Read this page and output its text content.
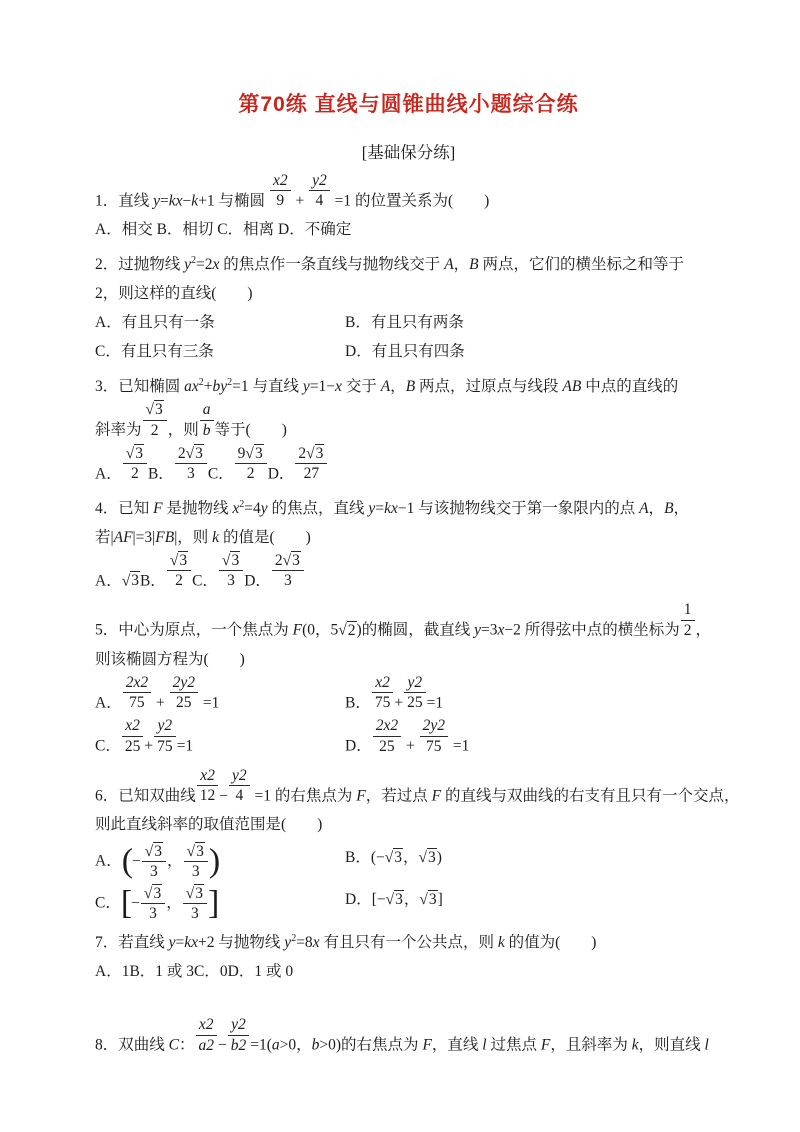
第70练 直线与圆锥曲线小题综合练
[基础保分练]
1．直线 y=kx−k+1 与椭圆 $\frac{x2}{9} + \frac{y2}{4} =1$ 的位置关系为(　　)
A．相交 B．相切 C．相离 D．不确定
2．过抛物线 $y^2=2x$ 的焦点作一条直线与抛物线交于 A，B 两点，它们的横坐标之和等于
2，则这样的直线(　　)
A．有且只有一条	B．有且只有两条
C．有且只有三条	D．有且只有四条
3．已知椭圆 $ax^2+by^2=1$ 与直线 y=1−x 交于 A，B 两点，过原点与线段 AB 中点的直线的
斜率为 $\frac{√3}{2}$ ，则 $\frac{a}{b}$ 等于(　　)
A． $\frac{√3}{2}$ B． $\frac{2√3}{3}$ C． $\frac{9√3}{2}$ D． $\frac{2√3}{27}$
4．已知 F 是抛物线 $x^2=4y$ 的焦点，直线 y=kx−1 与该抛物线交于第一象限内的点 A，B，
若|AF|=3|FB|，则 k 的值是(　　)
A．√3B． $\frac{√3}{2}$ C． $\frac{√3}{3}$ D． $\frac{2√3}{3}$
5．中心为原点，一个焦点为 F(0，5√2)的椭圆，截直线 y=3x−2 所得弦中点的横坐标为 $\frac{1}{2}$ ，
则该椭圆方程为(　　)
A． $\frac{2x2}{75} + \frac{2y2}{25} =1$	B． $\frac{x2}{75} + \frac{y2}{25} =1$
C． $\frac{x2}{25} + \frac{y2}{75} =1$	D． $\frac{2x2}{25} + \frac{2y2}{75} =1$
6．已知双曲线 $\frac{x2}{12} - \frac{y2}{4} =1$ 的右焦点为 F，若过点 F 的直线与双曲线的右支有且只有一个交点，
则此直线斜率的取值范围是(　　)
A．(− $\frac{√3}{3}$ ， $\frac{√3}{3}$ )	B．(−√3，√3)
C．[− $\frac{√3}{3}$ ， $\frac{√3}{3}$ ]	D．[−√3，√3]
7．若直线 y=kx+2 与抛物线 $y^2=8x$ 有且只有一个公共点，则 k 的值为(　　)
A．1B．1 或 3C．0D．1 或 0
8．双曲线 C： $\frac{x2}{a2} - \frac{y2}{b2} =1(a>0$，b>0)的右焦点为 F，直线 l 过焦点 F，且斜率为 k，则直线 l
